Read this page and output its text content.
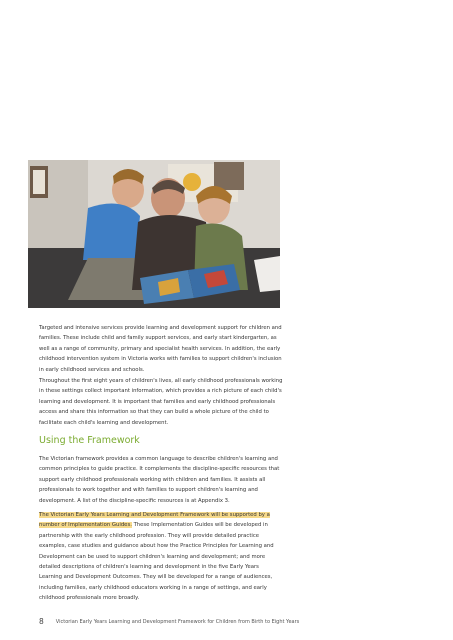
Targeted and intensive services provide learning and development support for children and families. These include child and family support services, and early start kindergarten, as well as a range of community, primary and specialist health services. In addition, the early childhood intervention system in Victoria works with families to support children's inclusion in early childhood services and schools.

Throughout the first eight years of children's lives, all early childhood professionals working in these settings collect important information, which provides a rich picture of each child's learning and development. It is important that families and early childhood professionals access and share this information so that they can build a whole picture of the child to facilitate each child's learning and development.

Using the Framework

The Victorian framework provides a common language to describe children's learning and common principles to guide practice. It complements the discipline-specific resources that support early childhood professionals working with children and families. It assists all professionals to work together and with families to support children's learning and development. A list of the discipline-specific resources is at Appendix 3.

The Victorian Early Years Learning and Development Framework will be supported by a number of Implementation Guides. These Implementation Guides will be developed in partnership with the early childhood profession. They will provide detailed practice examples, case studies and guidance about how the Practice Principles for Learning and Development can be used to support children's learning and development; and more detailed descriptions of children's learning and development in the five Early Years Learning and Development Outcomes. They will be developed for a range of audiences, including families, early childhood educators working in a range of settings, and early childhood professionals more broadly.

8 Victorian Early Years Learning and Development Framework for Children from Birth to Eight Years
